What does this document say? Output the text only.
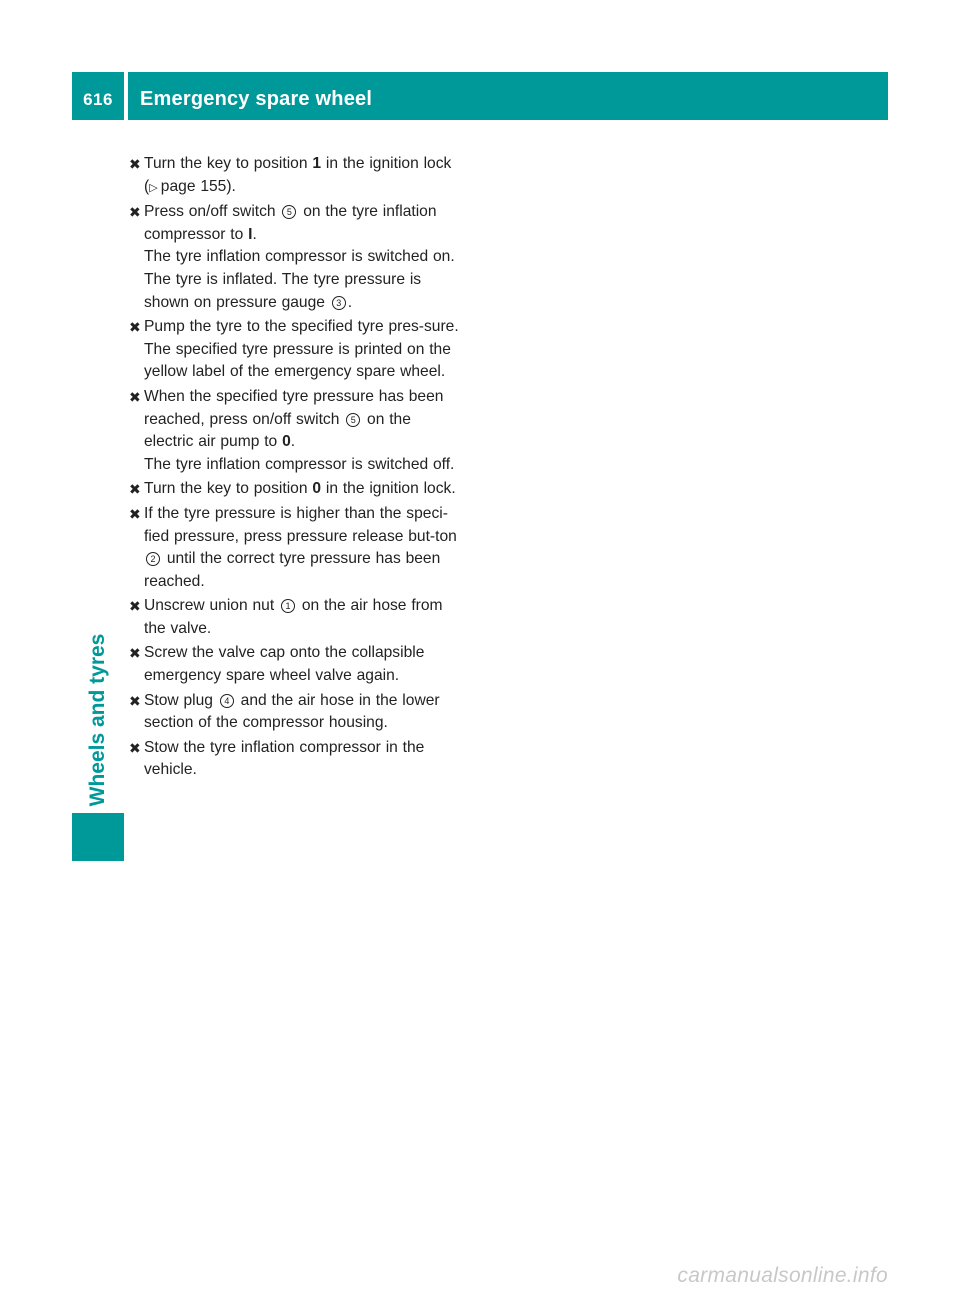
616	Emergency spare wheel
Wheels and tyres
✖ Turn the key to position 1 in the ignition lock (▷  page 155).
✖ Press on/off switch 5 on the tyre inflation compressor to I.
The tyre inflation compressor is switched on. The tyre is inflated. The tyre pressure is shown on pressure gauge 3 .
✖ Pump the tyre to the specified tyre pres-sure.
The specified tyre pressure is printed on the yellow label of the emergency spare wheel.
✖ When the specified tyre pressure has been reached, press on/off switch 5 on the electric air pump to 0.
The tyre inflation compressor is switched off.
✖ Turn the key to position 0 in the ignition lock.
✖ If the tyre pressure is higher than the speci-fied pressure, press pressure release but-ton 2 until the correct tyre pressure has been reached.
✖ Unscrew union nut 1 on the air hose from the valve.
✖ Screw the valve cap onto the collapsible emergency spare wheel valve again.
✖ Stow plug 4 and the air hose in the lower section of the compressor housing.
✖ Stow the tyre inflation compressor in the vehicle.
carmanualsonline.info
